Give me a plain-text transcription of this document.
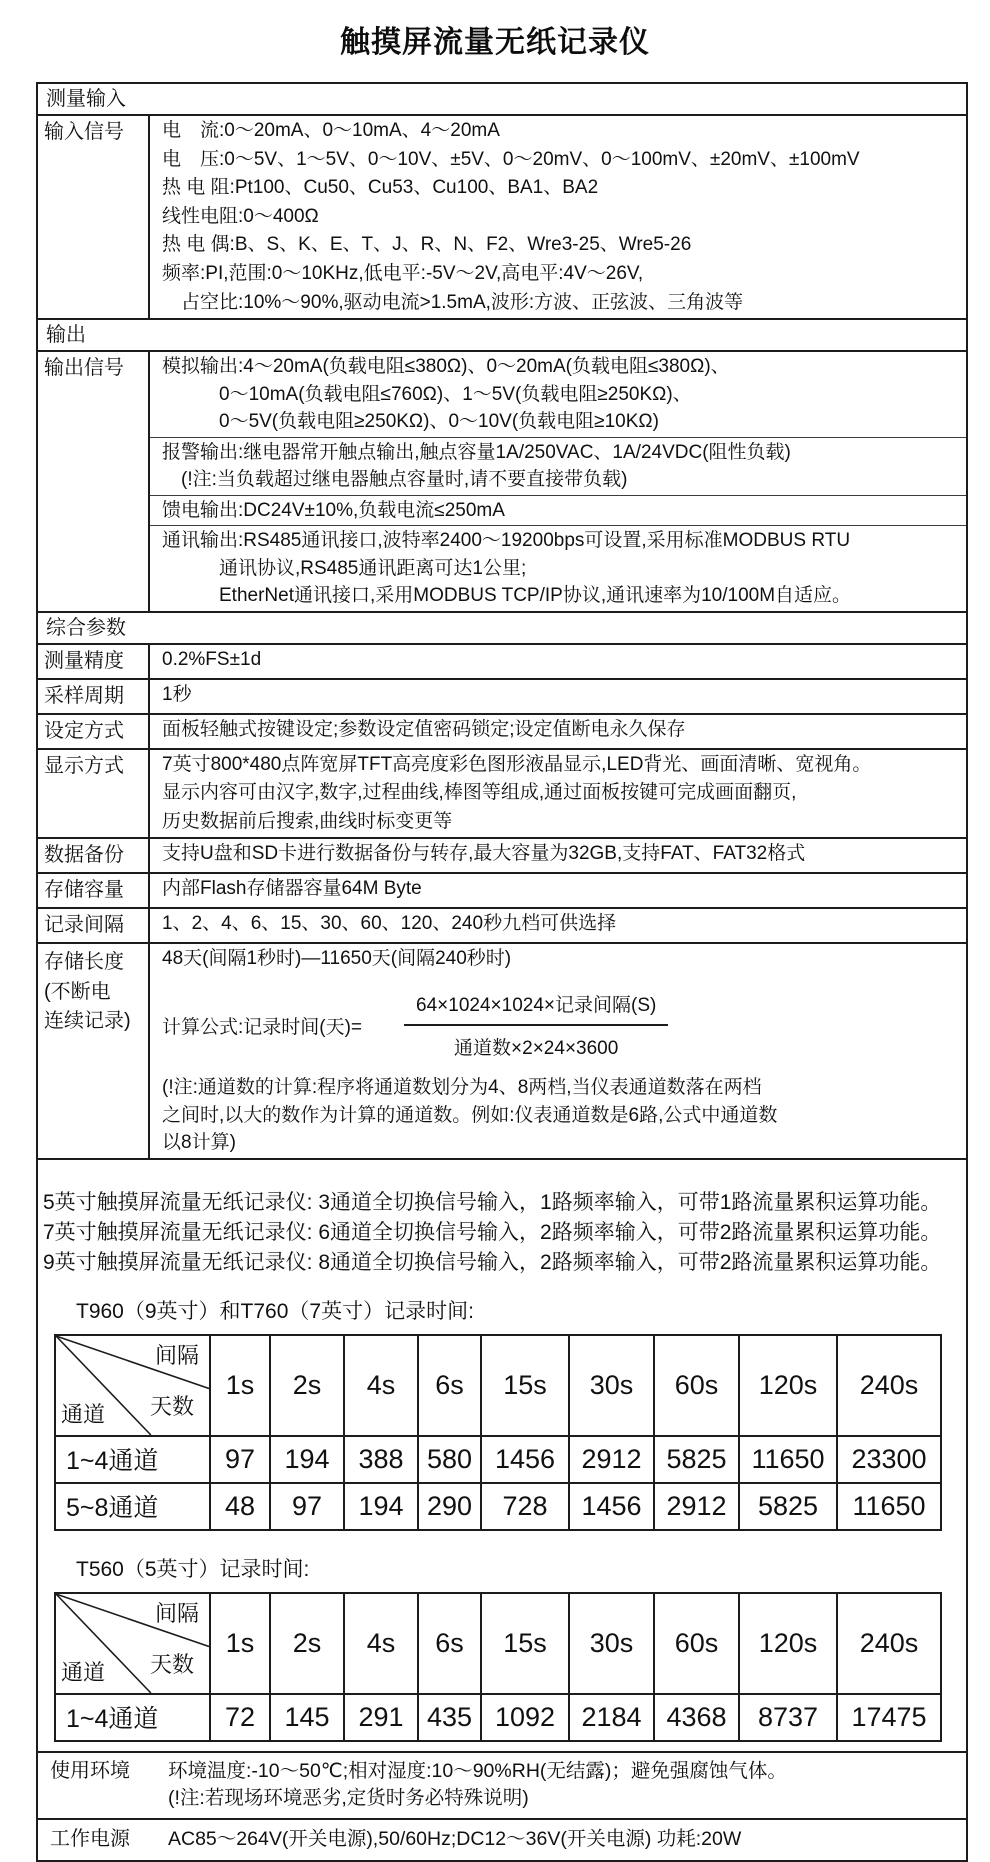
触摸屏流量无纸记录仪
测量输入
输入信号	电　流:0～20mA、0～10mA、4～20mA
电　压:0～5V、1～5V、0～10V、±5V、0～20mV、0～100mV、±20mV、±100mV
热 电 阻:Pt100、Cu50、Cu53、Cu100、BA1、BA2
线性电阻:0～400Ω
热 电 偶:B、S、K、E、T、J、R、N、F2、Wre3-25、Wre5-26
频率:PI,范围:0～10KHz,低电平:-5V～2V,高电平:4V～26V,
　占空比:10%～90%,驱动电流>1.5mA,波形:方波、正弦波、三角波等
输出
输出信号	模拟输出:4～20mA(负载电阻≤380Ω)、0～20mA(负载电阻≤380Ω)、
　　　0～10mA(负载电阻≤760Ω)、1～5V(负载电阻≥250KΩ)、
　　　0～5V(负载电阻≥250KΩ)、0～10V(负载电阻≥10KΩ)
报警输出:继电器常开触点输出,触点容量1A/250VAC、1A/24VDC(阻性负载)
　(!注:当负载超过继电器触点容量时,请不要直接带负载)
馈电输出:DC24V±10%,负载电流≤250mA
通讯输出:RS485通讯接口,波特率2400～19200bps可设置,采用标准MODBUS RTU
　　　通讯协议,RS485通讯距离可达1公里;
　　　EtherNet通讯接口,采用MODBUS TCP/IP协议,通讯速率为10/100M自适应。
综合参数
测量精度	0.2%FS±1d
采样周期	1秒
设定方式	面板轻触式按键设定;参数设定值密码锁定;设定值断电永久保存
显示方式	7英寸800*480点阵宽屏TFT高亮度彩色图形液晶显示,LED背光、画面清晰、宽视角。
显示内容可由汉字,数字,过程曲线,棒图等组成,通过面板按键可完成画面翻页,
历史数据前后搜索,曲线时标变更等
数据备份	支持U盘和SD卡进行数据备份与转存,最大容量为32GB,支持FAT、FAT32格式
存储容量	内部Flash存储器容量64M Byte
记录间隔	1、2、4、6、15、30、60、120、240秒九档可供选择
存储长度
(不断电
连续记录)
48天(间隔1秒时)—11650天(间隔240秒时)
计算公式:记录时间(天)= $\frac{\text{64×1024×1024×记录间隔(S)}}{\text{通道数×2×24×3600}}$
(!注:通道数的计算:程序将通道数划分为4、8两档,当仪表通道数落在两档
之间时,以大的数作为计算的通道数。例如:仪表通道数是6路,公式中通道数
以8计算)
5英寸触摸屏流量无纸记录仪: 3通道全切换信号输入，1路频率输入，可带1路流量累积运算功能。
7英寸触摸屏流量无纸记录仪: 6通道全切换信号输入，2路频率输入，可带2路流量累积运算功能。
9英寸触摸屏流量无纸记录仪: 8通道全切换信号输入，2路频率输入，可带2路流量累积运算功能。
T960（9英寸）和T760（7英寸）记录时间:
间隔
天数
通道	1s	2s	4s	6s	15s	30s	60s	120s	240s
1~4通道	97	194	388	580	1456	2912	5825	11650	23300
5~8通道	48	97	194	290	728	1456	2912	5825	11650
T560（5英寸）记录时间:
间隔
天数
通道	1s	2s	4s	6s	15s	30s	60s	120s	240s
1~4通道	72	145	291	435	1092	2184	4368	8737	17475
使用环境	环境温度:-10～50℃;相对湿度:10～90%RH(无结露)；避免强腐蚀气体。
(!注:若现场环境恶劣,定货时务必特殊说明)
工作电源	AC85～264V(开关电源),50/60Hz;DC12～36V(开关电源) 功耗:20W
